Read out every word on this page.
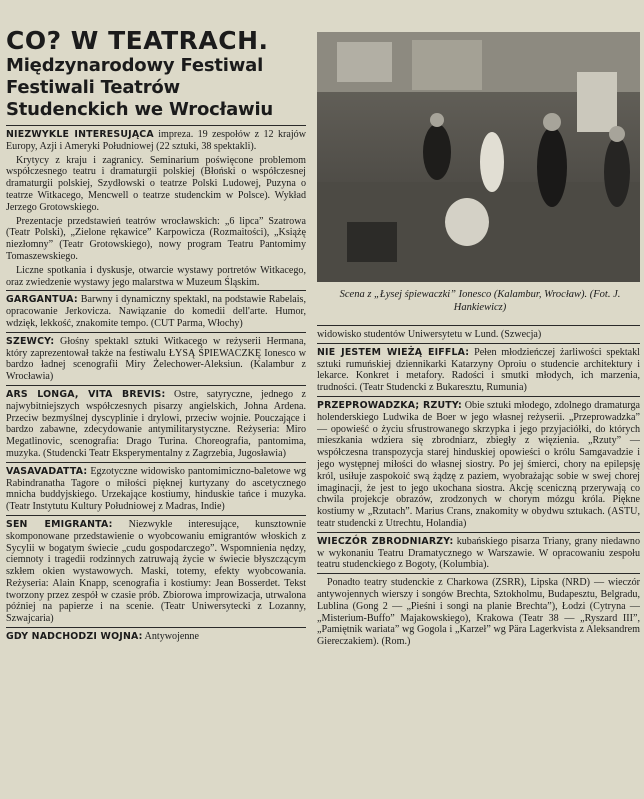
CO? W TEATRACH. Międzynarodowy Festiwal Festiwali Teatrów Studenckich we Wrocławiu

NIEZWYKLE INTERESUJĄCA impreza. 19 zespołów z 12 krajów Europy, Azji i Ameryki Południowej (22 sztuki, 38 spektakli).

Krytycy z kraju i zagranicy. Seminarium poświęcone problemom współczesnego teatru i dramaturgii polskiej (Błoński o współczesnej dramaturgii polskiej, Szydłowski o teatrze Polski Ludowej, Puzyna o teatrze Witkacego, Mencwell o teatrze studenckim w Polsce). Wykład Jerzego Grotowskiego.

Prezentacje przedstawień teatrów wrocławskich: „6 lipca” Szatrowa (Teatr Polski), „Zielone rękawice” Karpowicza (Rozmaitości), „Książę niezłomny” (Teatr Grotowskiego), nowy program Teatru Pantomimy Tomaszewskiego.

Liczne spotkania i dyskusje, otwarcie wystawy portretów Witkacego, oraz zwiedzenie wystawy jego malarstwa w Muzeum Śląskim.

GARGANTUA: Barwny i dynamiczny spektakl, na podstawie Rabelais, opracowanie Jerkovicza. Nawiązanie do komedii dell'arte. Humor, wdzięk, lekkość, znakomite tempo. (CUT Parma, Włochy)

SZEWCY: Głośny spektakl sztuki Witkacego w reżyserii Hermana, który zaprezentował także na festiwalu ŁYSĄ ŚPIEWACZKĘ Ionesco w bardzo ładnej scenografii Miry Żelechower-Aleksiun. (Kalambur z Wrocławia)

ARS LONGA, VITA BREVIS: Ostre, satyryczne, jednego z najwybitniejszych współczesnych pisarzy angielskich, Johna Ardena. Przeciw bezmyślnej dyscyplinie i drylowi, przeciw wojnie. Pouczające i bardzo zabawne, zdecydowanie antymilitarystyczne. Reżyseria: Miro Megatlinovic, scenografia: Drago Turina. Choreografia, pantomima, muzyka. (Studencki Teatr Eksperymentalny z Zagrzebia, Jugosławia)

VASAVADATTA: Egzotyczne widowisko pantomimiczno-baletowe wg Rabindranatha Tagore o miłości pięknej kurtyzany do ascetycznego mnicha buddyjskiego. Urzekające kostiumy, hinduskie tańce i muzyka. (Teatr Instytutu Kultury Południowej z Madras, Indie)

SEN EMIGRANTA: Niezwykle interesujące, kunsztownie skomponowane przedstawienie o wyobcowaniu emigrantów włoskich z Sycylii w bogatym świecie „cudu gospodarczego”. Wspomnienia nędzy, ciemnoty i tragedii rodzinnych zatruwają życie w świecie błyszczącym szkłem okien wystawowych. Maski, totemy, efekty wyobcowania. Reżyseria: Alain Knapp, scenografia i kostiumy: Jean Bosserdet. Tekst tworzony przez zespół w czasie prób. Zbiorowa improwizacja, utrwalona później na papierze i na scenie. (Teatr Uniwersytecki z Lozanny, Szwajcaria)

GDY NADCHODZI WOJNA: Antywojenne

Scena z „Łysej śpiewaczki” Ionesco (Kalambur, Wrocław). (Fot. J. Hankiewicz)

widowisko studentów Uniwersytetu w Lund. (Szwecja)

NIE JESTEM WIEŻĄ EIFFLA: Pełen młodzieńczej żarliwości spektakl sztuki rumuńskiej dziennikarki Katarzyny Oproiu o studencie architektury i lekarce. Konkret i metafory. Radości i smutki młodych, ich marzenia, trudności. (Teatr Studencki z Bukaresztu, Rumunia)

PRZEPROWADZKA; RZUTY: Obie sztuki młodego, zdolnego dramaturga holenderskiego Ludwika de Boer w jego własnej reżyserii. „Przeprowadzka” — opowieść o życiu sfrustrowanego skrzypka i jego przyjaciółki, do których mieszkania wdziera się zbrodniarz, zbiegły z więzienia. „Rzuty” — współczesna transpozycja starej hinduskiej opowieści o królu Samgavadzie i jego występnej miłości do własnej siostry. Po jej śmierci, chory na epilepsję król, usiłuje zaspokoić swą żądzę z paziem, wyobrażając sobie w swej chorej imaginacji, że jest to jego ukochana siostra. Akcję sceniczną przerywają co chwila projekcje obrazów, zrodzonych w chorym mózgu króla. Piękne kostiumy w „Rzutach”. Marius Crans, znakomity w obydwu sztukach. (ASTU, teatr studencki z Utrechtu, Holandia)

WIECZÓR ZBRODNIARZY: kubańskiego pisarza Triany, grany niedawno w wykonaniu Teatru Dramatycznego w Warszawie. W opracowaniu zespołu teatru studenckiego z Bogoty, (Kolumbia).

Ponadto teatry studenckie z Charkowa (ZSRR), Lipska (NRD) — wieczór antywojennych wierszy i songów Brechta, Sztokholmu, Budapesztu, Belgradu, Lublina (Gong 2 — „Pieśni i songi na planie Brechta”), Łodzi (Cytryna — „Misterium-Buffo” Majakowskiego), Krakowa (Teatr 38 — „Ryszard III”, „Pamiętnik wariata” wg Gogola i „Karzeł” wg Pära Lagerkvista z Aleksandrem Giereczakiem). (Rom.)
